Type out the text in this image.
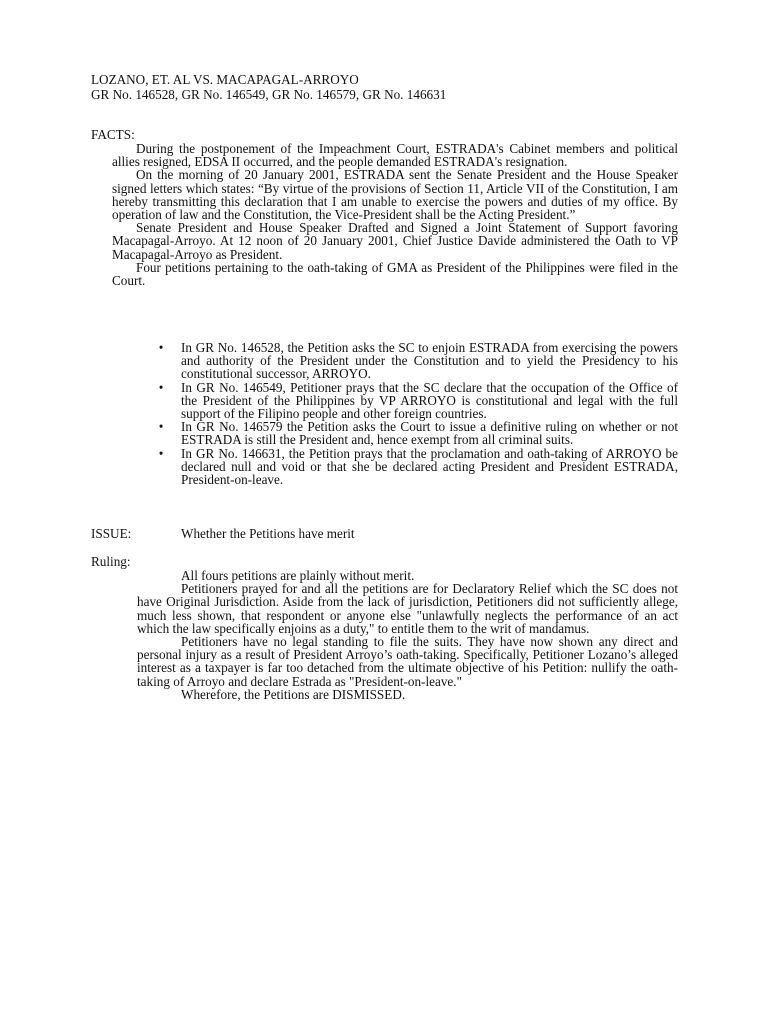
LOZANO, ET. AL VS. MACAPAGAL-ARROYO
GR No. 146528, GR No. 146549, GR No. 146579, GR No. 146631
FACTS:

During the postponement of the Impeachment Court, ESTRADA's Cabinet members and political allies resigned, EDSA II occurred, and the people demanded ESTRADA's resignation.

On the morning of 20 January 2001, ESTRADA sent the Senate President and the House Speaker signed letters which states: “By virtue of the provisions of Section 11, Article VII of the Constitution, I am hereby transmitting this declaration that I am unable to exercise the powers and duties of my office. By operation of law and the Constitution, the Vice-President shall be the Acting President.”

Senate President and House Speaker Drafted and Signed a Joint Statement of Support favoring Macapagal-Arroyo. At 12 noon of 20 January 2001, Chief Justice Davide administered the Oath to VP Macapagal-Arroyo as President.

Four petitions pertaining to the oath-taking of GMA as President of the Philippines were filed in the Court.

• In GR No. 146528, the Petition asks the SC to enjoin ESTRADA from exercising the powers and authority of the President under the Constitution and to yield the Presidency to his constitutional successor, ARROYO.
• In GR No. 146549, Petitioner prays that the SC declare that the occupation of the Office of the President of the Philippines by VP ARROYO is constitutional and legal with the full support of the Filipino people and other foreign countries.
• In GR No. 146579 the Petition asks the Court to issue a definitive ruling on whether or not ESTRADA is still the President and, hence exempt from all criminal suits.
• In GR No. 146631, the Petition prays that the proclamation and oath-taking of ARROYO be declared null and void or that she be declared acting President and President ESTRADA, President-on-leave.
ISSUE:	Whether the Petitions have merit
Ruling:

All fours petitions are plainly without merit.

Petitioners prayed for and all the petitions are for Declaratory Relief which the SC does not have Original Jurisdiction. Aside from the lack of jurisdiction, Petitioners did not sufficiently allege, much less shown, that respondent or anyone else "unlawfully neglects the performance of an act which the law specifically enjoins as a duty," to entitle them to the writ of mandamus.

Petitioners have no legal standing to file the suits. They have now shown any direct and personal injury as a result of President Arroyo’s oath-taking. Specifically, Petitioner Lozano’s alleged interest as a taxpayer is far too detached from the ultimate objective of his Petition: nullify the oath-taking of Arroyo and declare Estrada as "President-on-leave."

Wherefore, the Petitions are DISMISSED.
